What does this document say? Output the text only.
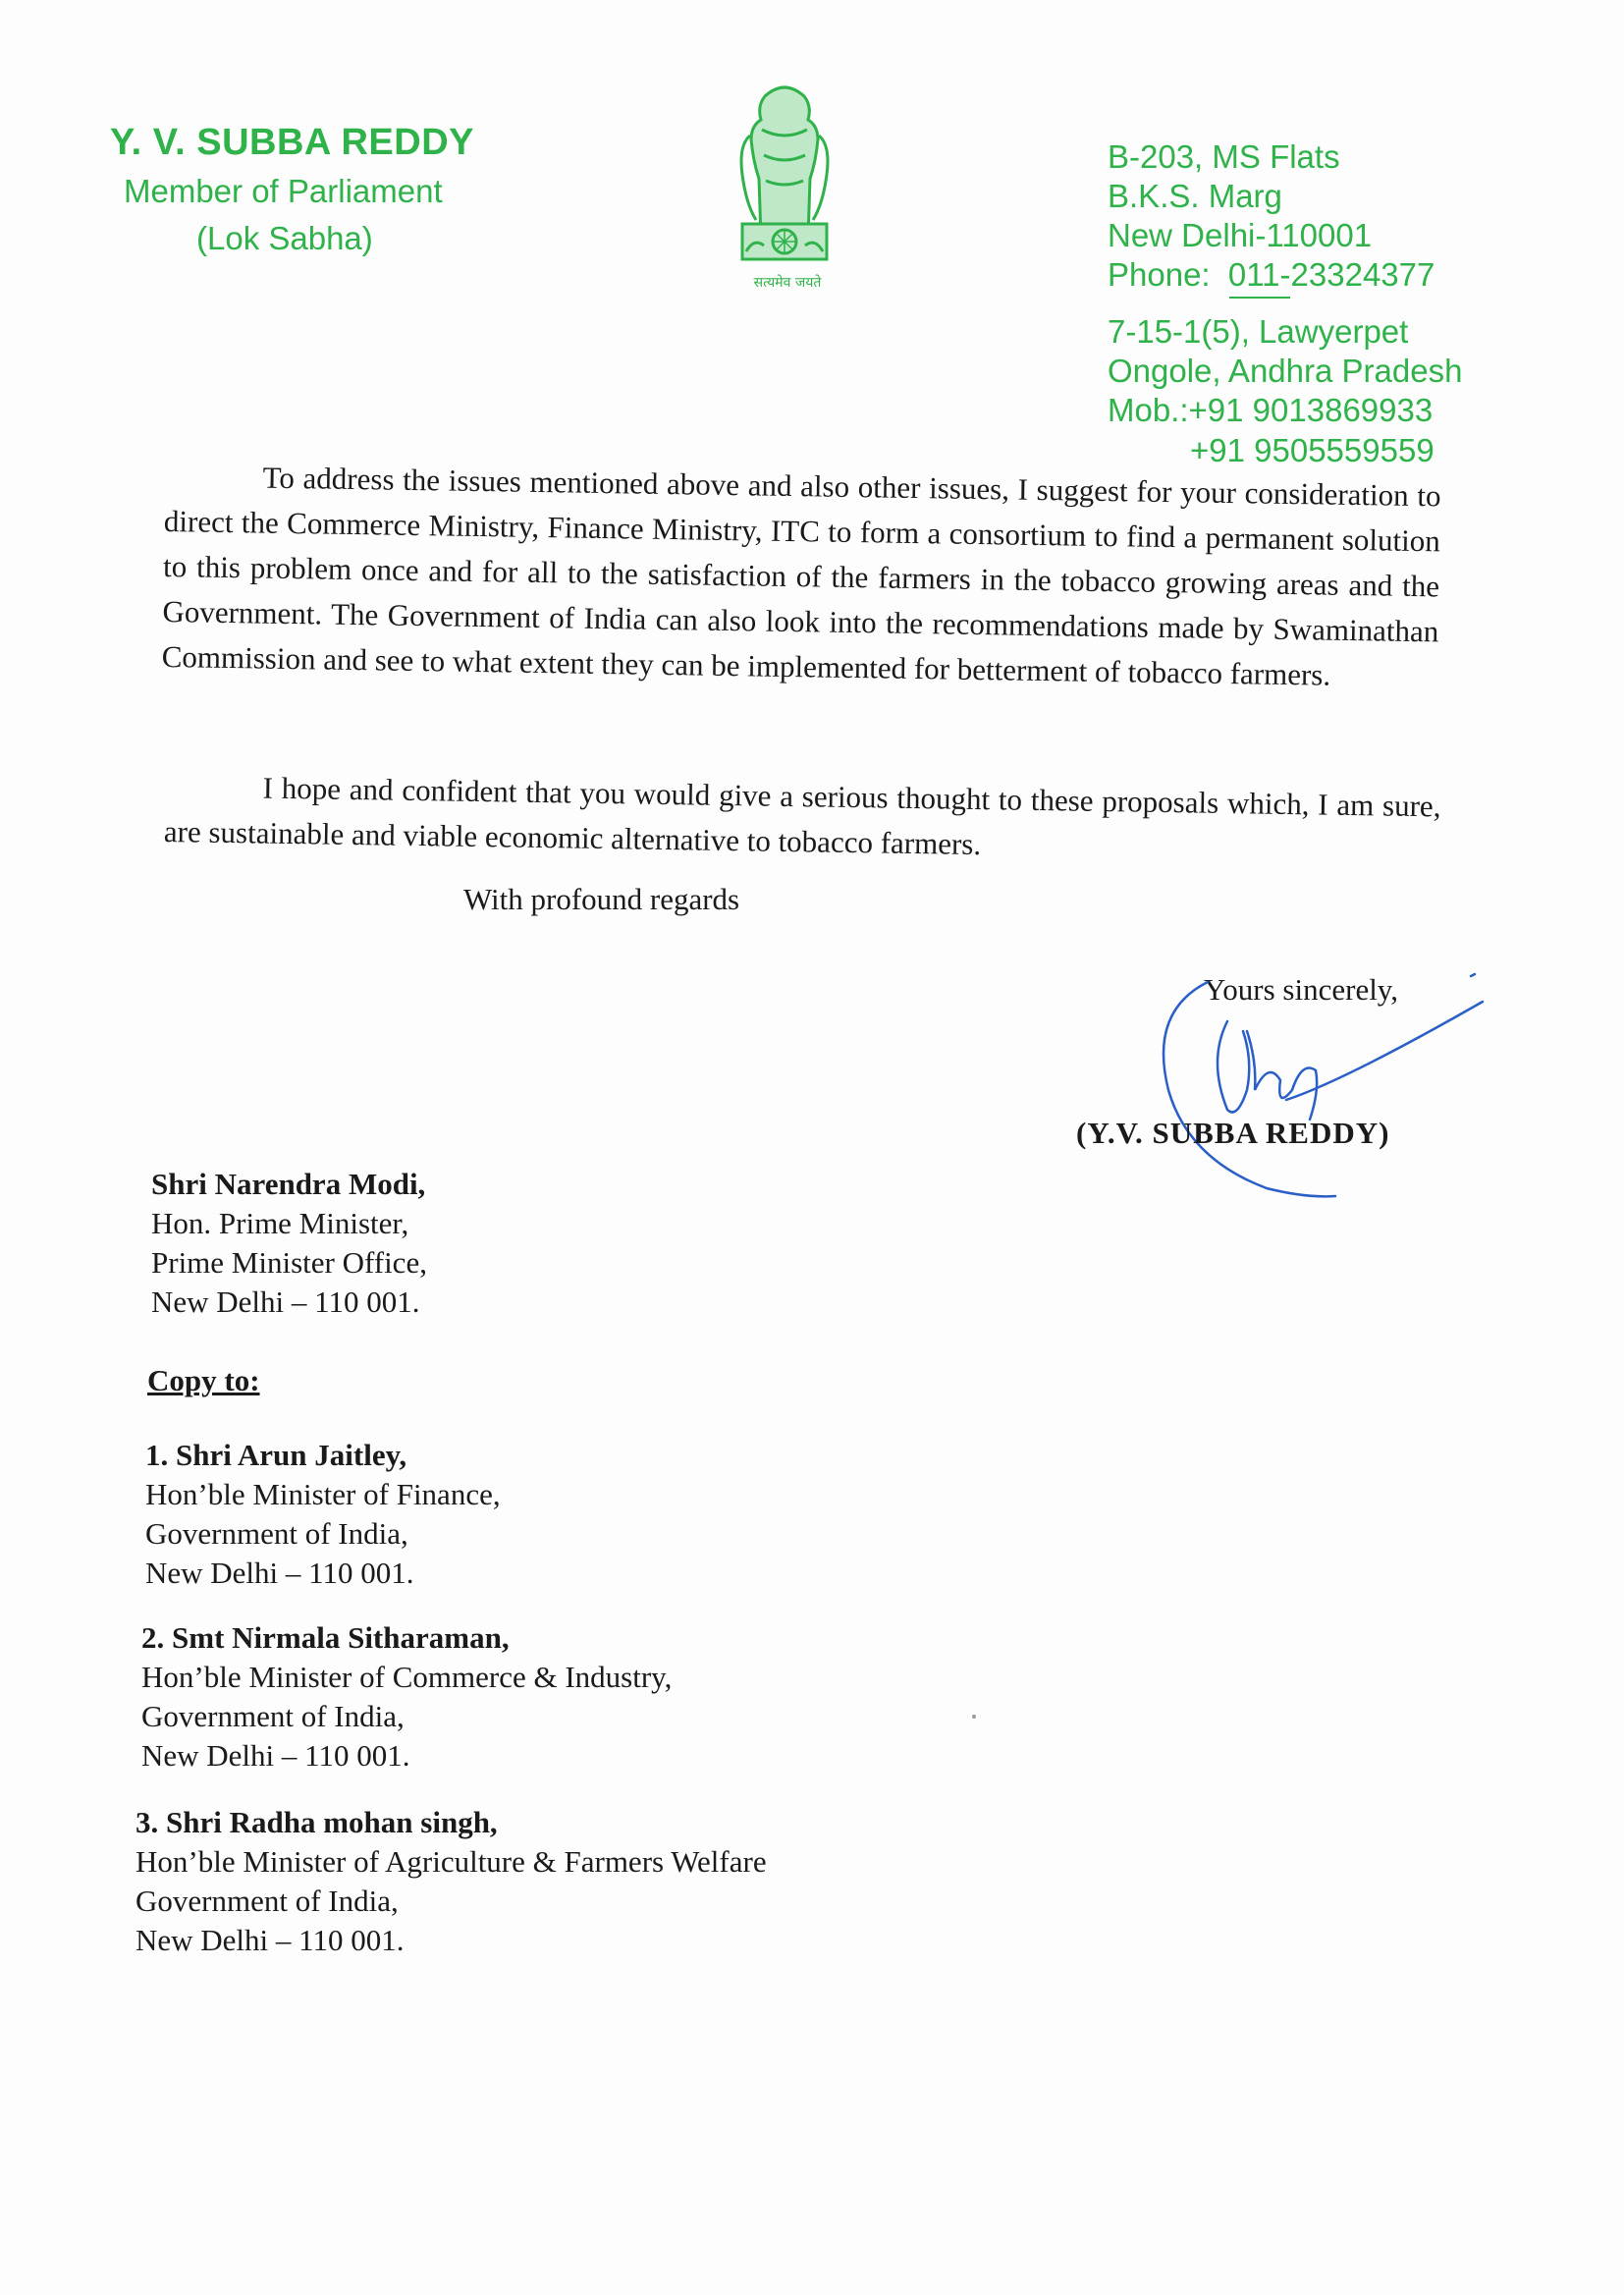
Y. V. SUBBA REDDY
Member of Parliament
(Lok Sabha)
सत्यमेव जयते
B-203, MS Flats
B.K.S. Marg
New Delhi-110001
Phone:  011-23324377
7-15-1(5), Lawyerpet
Ongole, Andhra Pradesh
Mob.:+91 9013869933
+91 9505559559
To address the issues mentioned above and also other issues, I suggest for your consideration to direct the Commerce Ministry, Finance Ministry, ITC to form a consortium to find a permanent solution to this problem once and for all to the satisfaction of the farmers in the tobacco growing areas and the Government. The Government of India can also look into the recommendations made by Swaminathan Commission and see to what extent they can be implemented for betterment of tobacco farmers.
I hope and confident that you would give a serious thought to these proposals which, I am sure, are sustainable and viable economic alternative to tobacco farmers.
With profound regards
Yours sincerely,
(Y.V. SUBBA REDDY)
Shri Narendra Modi,
Hon. Prime Minister,
Prime Minister Office,
New Delhi – 110 001.
Copy to:
1. Shri Arun Jaitley,
Hon’ble Minister of Finance,
Government of India,
New Delhi – 110 001.
2. Smt Nirmala Sitharaman,
Hon’ble Minister of Commerce & Industry,
Government of India,
New Delhi – 110 001.
3. Shri Radha mohan singh,
Hon’ble Minister of Agriculture & Farmers Welfare
Government of India,
New Delhi – 110 001.
